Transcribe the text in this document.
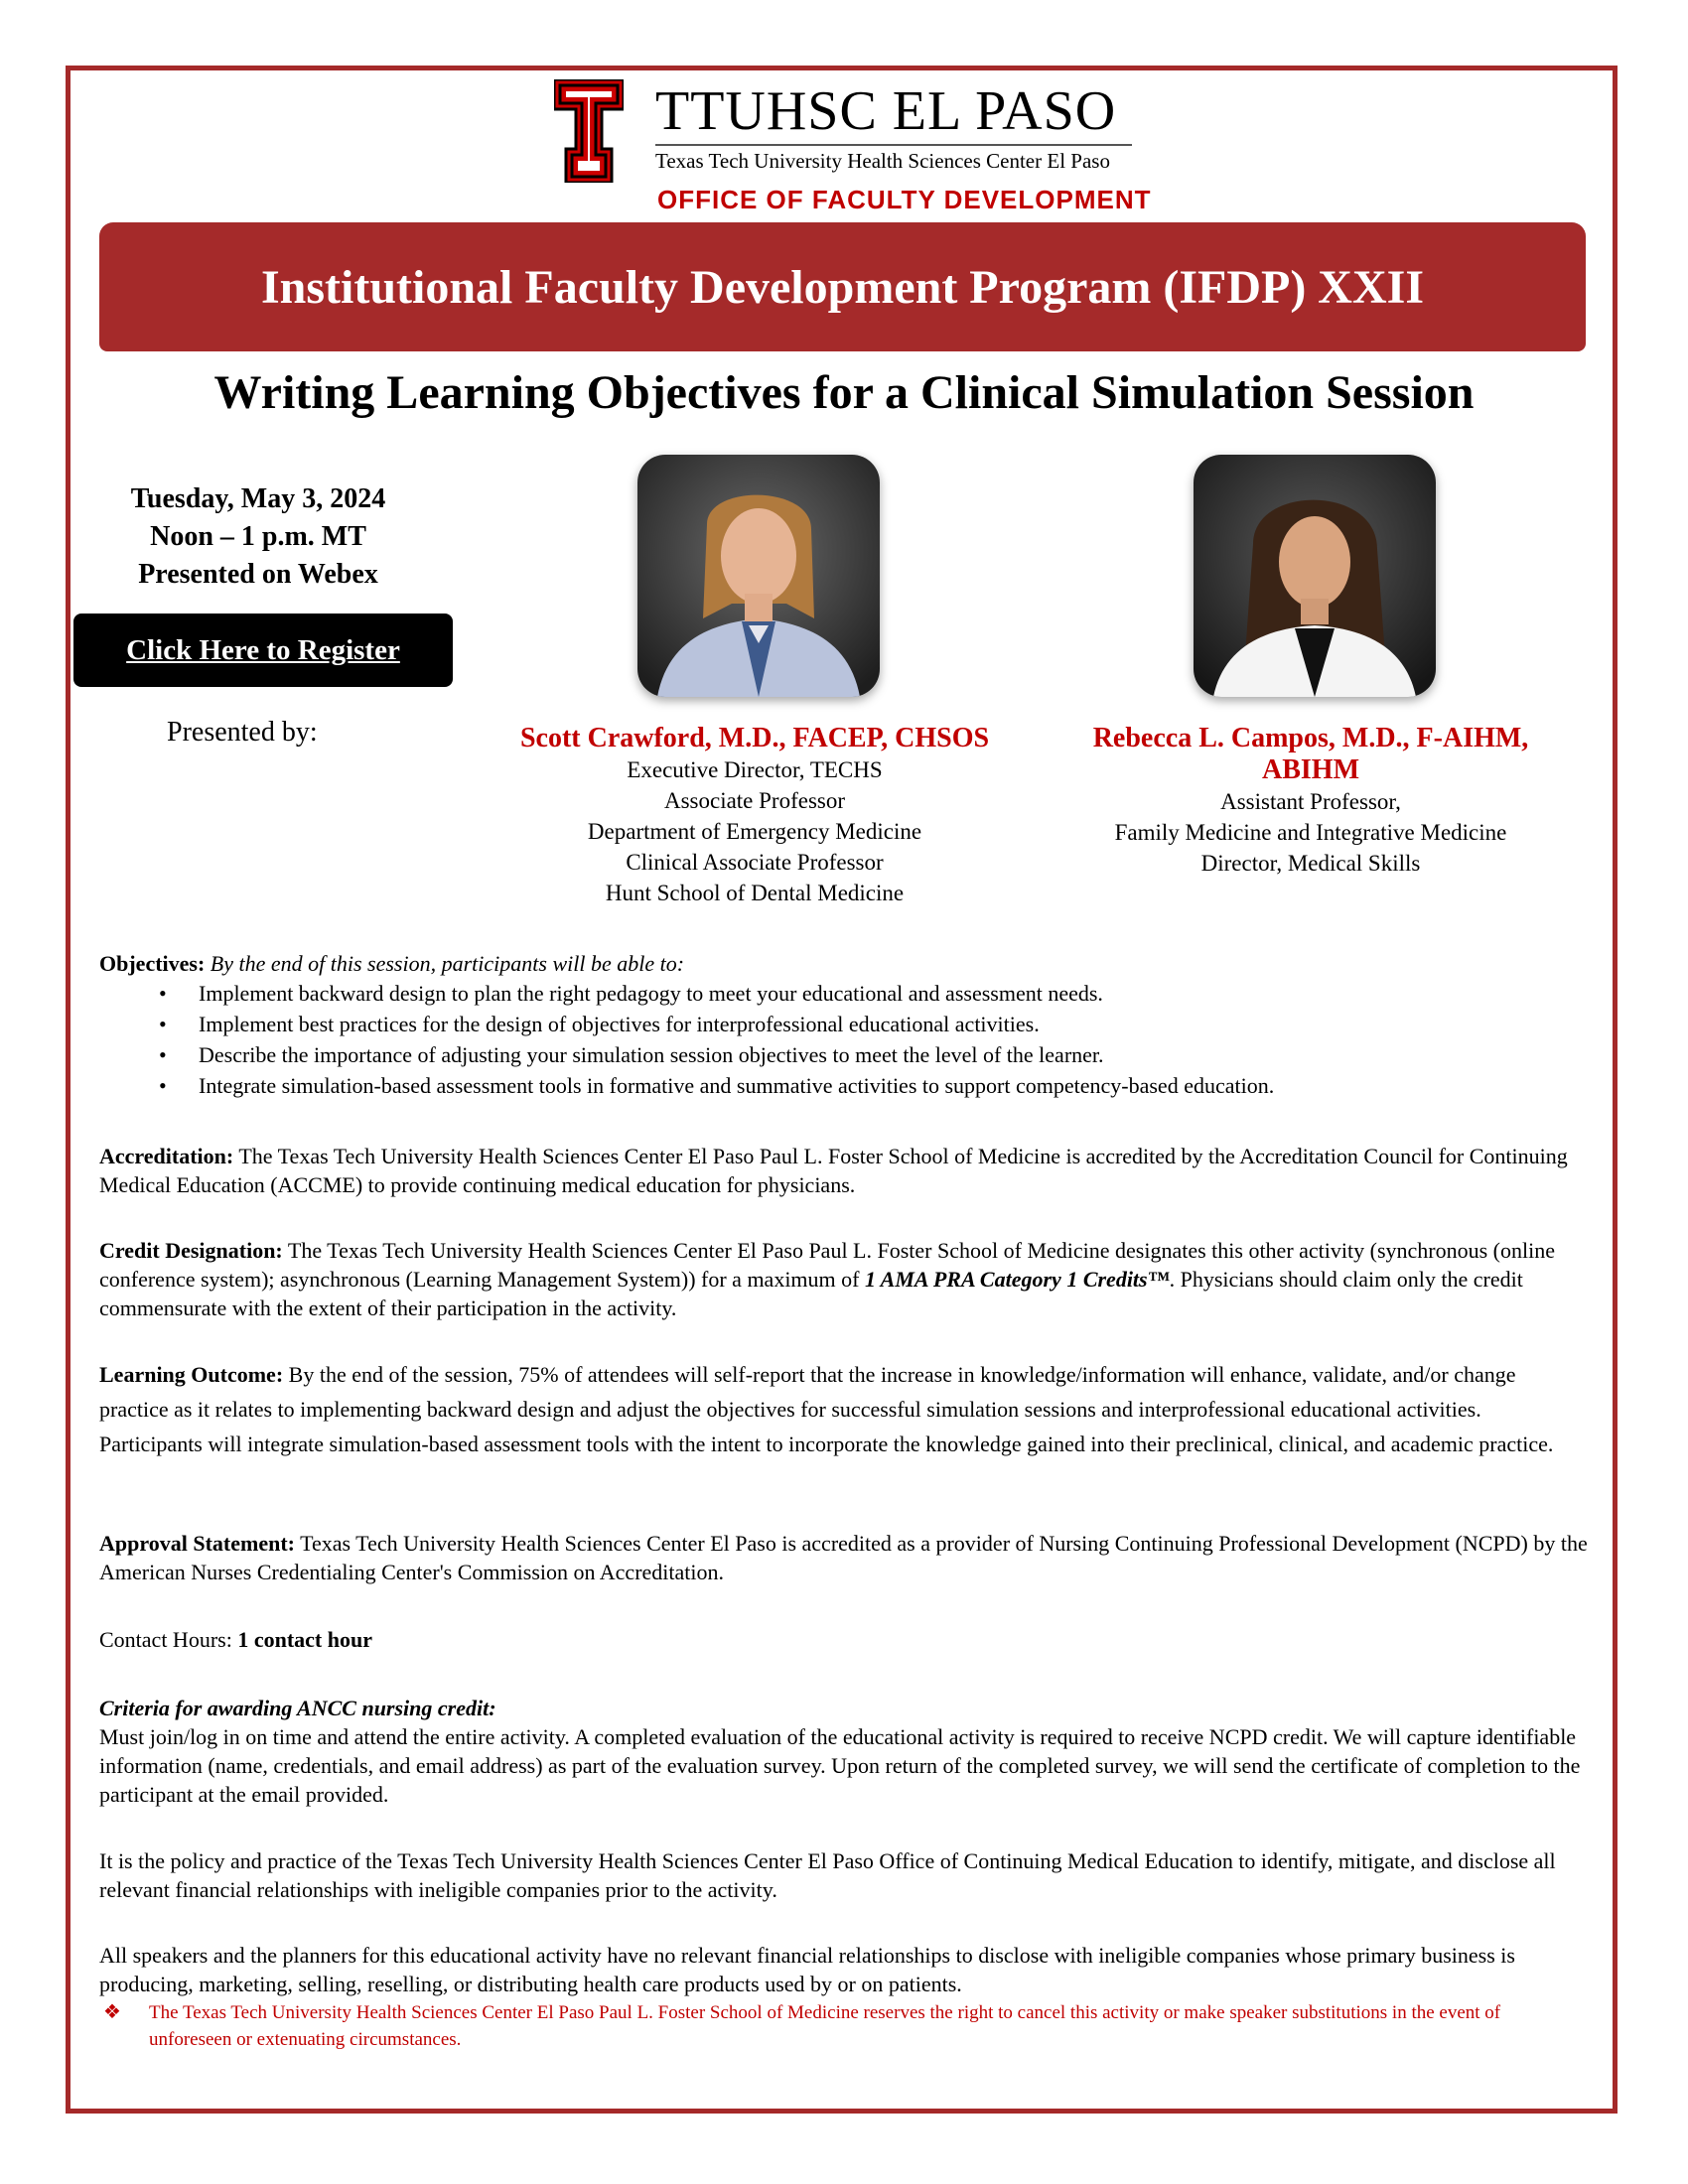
TTUHSC EL PASO
Texas Tech University Health Sciences Center El Paso
OFFICE OF FACULTY DEVELOPMENT
Institutional Faculty Development Program (IFDP) XXII
Writing Learning Objectives for a Clinical Simulation Session
Tuesday, May 3, 2024
Noon – 1 p.m. MT
Presented on Webex
Click Here to Register
Presented by:	Scott Crawford, M.D., FACEP, CHSOS
Executive Director, TECHS
Associate Professor
Department of Emergency Medicine
Clinical Associate Professor
Hunt School of Dental Medicine
Rebecca L. Campos, M.D., F-AIHM,
ABIHM
Assistant Professor,
Family Medicine and Integrative Medicine
Director, Medical Skills
Objectives: By the end of this session, participants will be able to:
• Implement backward design to plan the right pedagogy to meet your educational and assessment needs.
• Implement best practices for the design of objectives for interprofessional educational activities.
• Describe the importance of adjusting your simulation session objectives to meet the level of the learner.
• Integrate simulation-based assessment tools in formative and summative activities to support competency-based education.
Accreditation: The Texas Tech University Health Sciences Center El Paso Paul L. Foster School of Medicine is accredited by the Accreditation Council for Continuing Medical Education (ACCME) to provide continuing medical education for physicians.
Credit Designation: The Texas Tech University Health Sciences Center El Paso Paul L. Foster School of Medicine designates this other activity (synchronous (online conference system); asynchronous (Learning Management System)) for a maximum of 1 AMA PRA Category 1 Credits™. Physicians should claim only the credit commensurate with the extent of their participation in the activity.
Learning Outcome: By the end of the session, 75% of attendees will self-report that the increase in knowledge/information will enhance, validate, and/or change practice as it relates to implementing backward design and adjust the objectives for successful simulation sessions and interprofessional educational activities. Participants will integrate simulation-based assessment tools with the intent to incorporate the knowledge gained into their preclinical, clinical, and academic practice.
Approval Statement: Texas Tech University Health Sciences Center El Paso is accredited as a provider of Nursing Continuing Professional Development (NCPD) by the American Nurses Credentialing Center's Commission on Accreditation.
Contact Hours: 1 contact hour
Criteria for awarding ANCC nursing credit:
Must join/log in on time and attend the entire activity. A completed evaluation of the educational activity is required to receive NCPD credit. We will capture identifiable information (name, credentials, and email address) as part of the evaluation survey. Upon return of the completed survey, we will send the certificate of completion to the participant at the email provided.
It is the policy and practice of the Texas Tech University Health Sciences Center El Paso Office of Continuing Medical Education to identify, mitigate, and disclose all relevant financial relationships with ineligible companies prior to the activity.
All speakers and the planners for this educational activity have no relevant financial relationships to disclose with ineligible companies whose primary business is producing, marketing, selling, reselling, or distributing health care products used by or on patients.
❖	The Texas Tech University Health Sciences Center El Paso Paul L. Foster School of Medicine reserves the right to cancel this activity or make speaker substitutions in the event of unforeseen or extenuating circumstances.
